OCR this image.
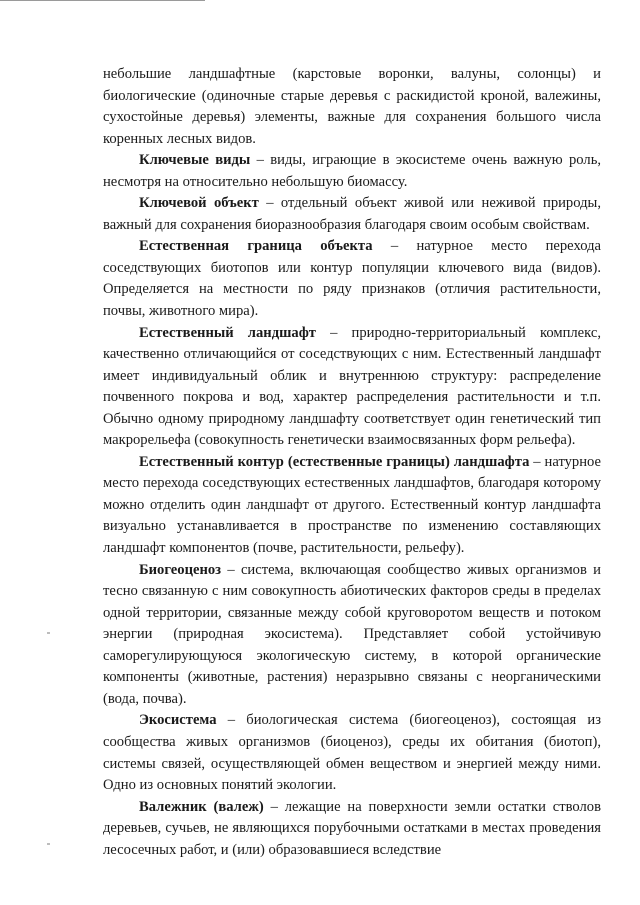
небольшие ландшафтные (карстовые воронки, валуны, солонцы) и биологические (одиночные старые деревья с раскидистой кроной, валежины, сухостойные деревья) элементы, важные для сохранения большого числа коренных лесных видов.

Ключевые виды – виды, играющие в экосистеме очень важную роль, несмотря на относительно небольшую биомассу.

Ключевой объект – отдельный объект живой или неживой природы, важный для сохранения биоразнообразия благодаря своим особым свойствам.

Естественная граница объекта – натурное место перехода соседствующих биотопов или контур популяции ключевого вида (видов). Определяется на местности по ряду признаков (отличия растительности, почвы, животного мира).

Естественный ландшафт – природно-территориальный комплекс, качественно отличающийся от соседствующих с ним. Естественный ландшафт имеет индивидуальный облик и внутреннюю структуру: распределение почвенного покрова и вод, характер распределения растительности и т.п. Обычно одному природному ландшафту соответствует один генетический тип макрорельефа (совокупность генетически взаимосвязанных форм рельефа).

Естественный контур (естественные границы) ландшафта – натурное место перехода соседствующих естественных ландшафтов, благодаря которому можно отделить один ландшафт от другого. Естественный контур ландшафта визуально устанавливается в пространстве по изменению составляющих ландшафт компонентов (почве, растительности, рельефу).

Биогеоценоз – система, включающая сообщество живых организмов и тесно связанную с ним совокупность абиотических факторов среды в пределах одной территории, связанные между собой круговоротом веществ и потоком энергии (природная экосистема). Представляет собой устойчивую саморегулирующуюся экологическую систему, в которой органические компоненты (животные, растения) неразрывно связаны с неорганическими (вода, почва).

Экосистема – биологическая система (биогеоценоз), состоящая из сообщества живых организмов (биоценоз), среды их обитания (биотоп), системы связей, осуществляющей обмен веществом и энергией между ними. Одно из основных понятий экологии.

Валежник (валеж) – лежащие на поверхности земли остатки стволов деревьев, сучьев, не являющихся порубочными остатками в местах проведения лесосечных работ, и (или) образовавшиеся вследствие
